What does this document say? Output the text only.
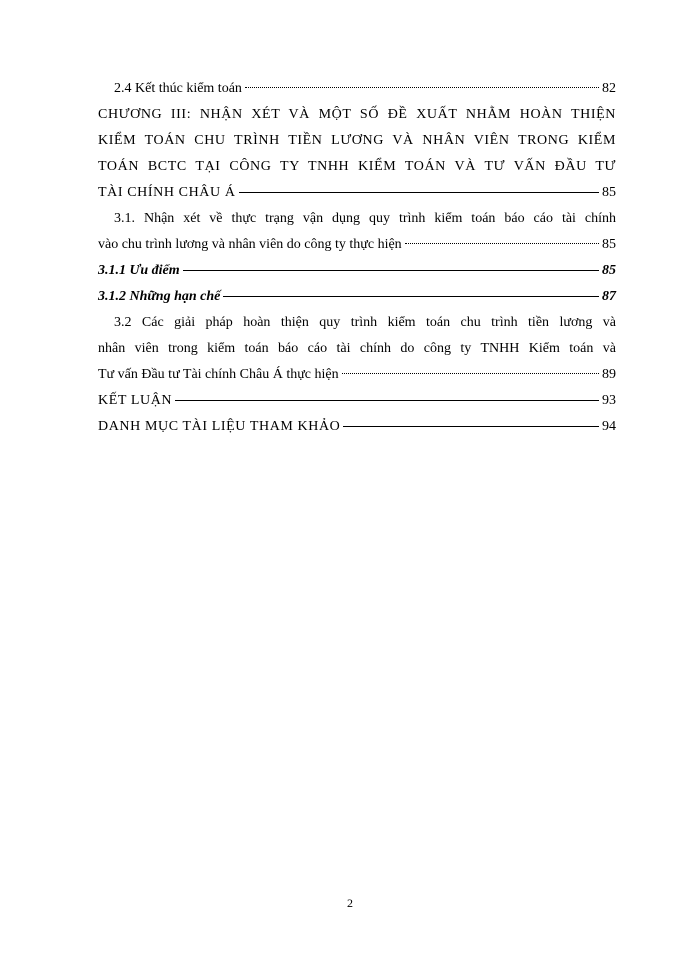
2.4 Kết thúc kiểm toán	82
CHƯƠNG III: NHẬN XÉT VÀ MỘT SỐ ĐỀ XUẤT NHẰM HOÀN THIỆN
KIỂM TOÁN CHU TRÌNH TIỀN LƯƠNG VÀ NHÂN VIÊN TRONG KIỂM
TOÁN BCTC TẠI CÔNG TY TNHH KIỂM TOÁN VÀ TƯ VẤN ĐẦU TƯ
TÀI CHÍNH CHÂU Á	85
3.1. Nhận xét về thực trạng vận dụng quy trình kiểm toán báo cáo tài chính
vào chu trình lương và nhân viên do công ty thực hiện	85
3.1.1 Ưu điểm	85
3.1.2 Những hạn chế	87
3.2 Các giải pháp hoàn thiện quy trình kiểm toán chu trình tiền lương và
nhân viên trong kiểm toán báo cáo tài chính do công ty TNHH Kiểm toán và
Tư vấn Đầu tư Tài chính Châu Á thực hiện	89
KẾT LUẬN	93
DANH MỤC TÀI LIỆU THAM KHẢO	94
2
